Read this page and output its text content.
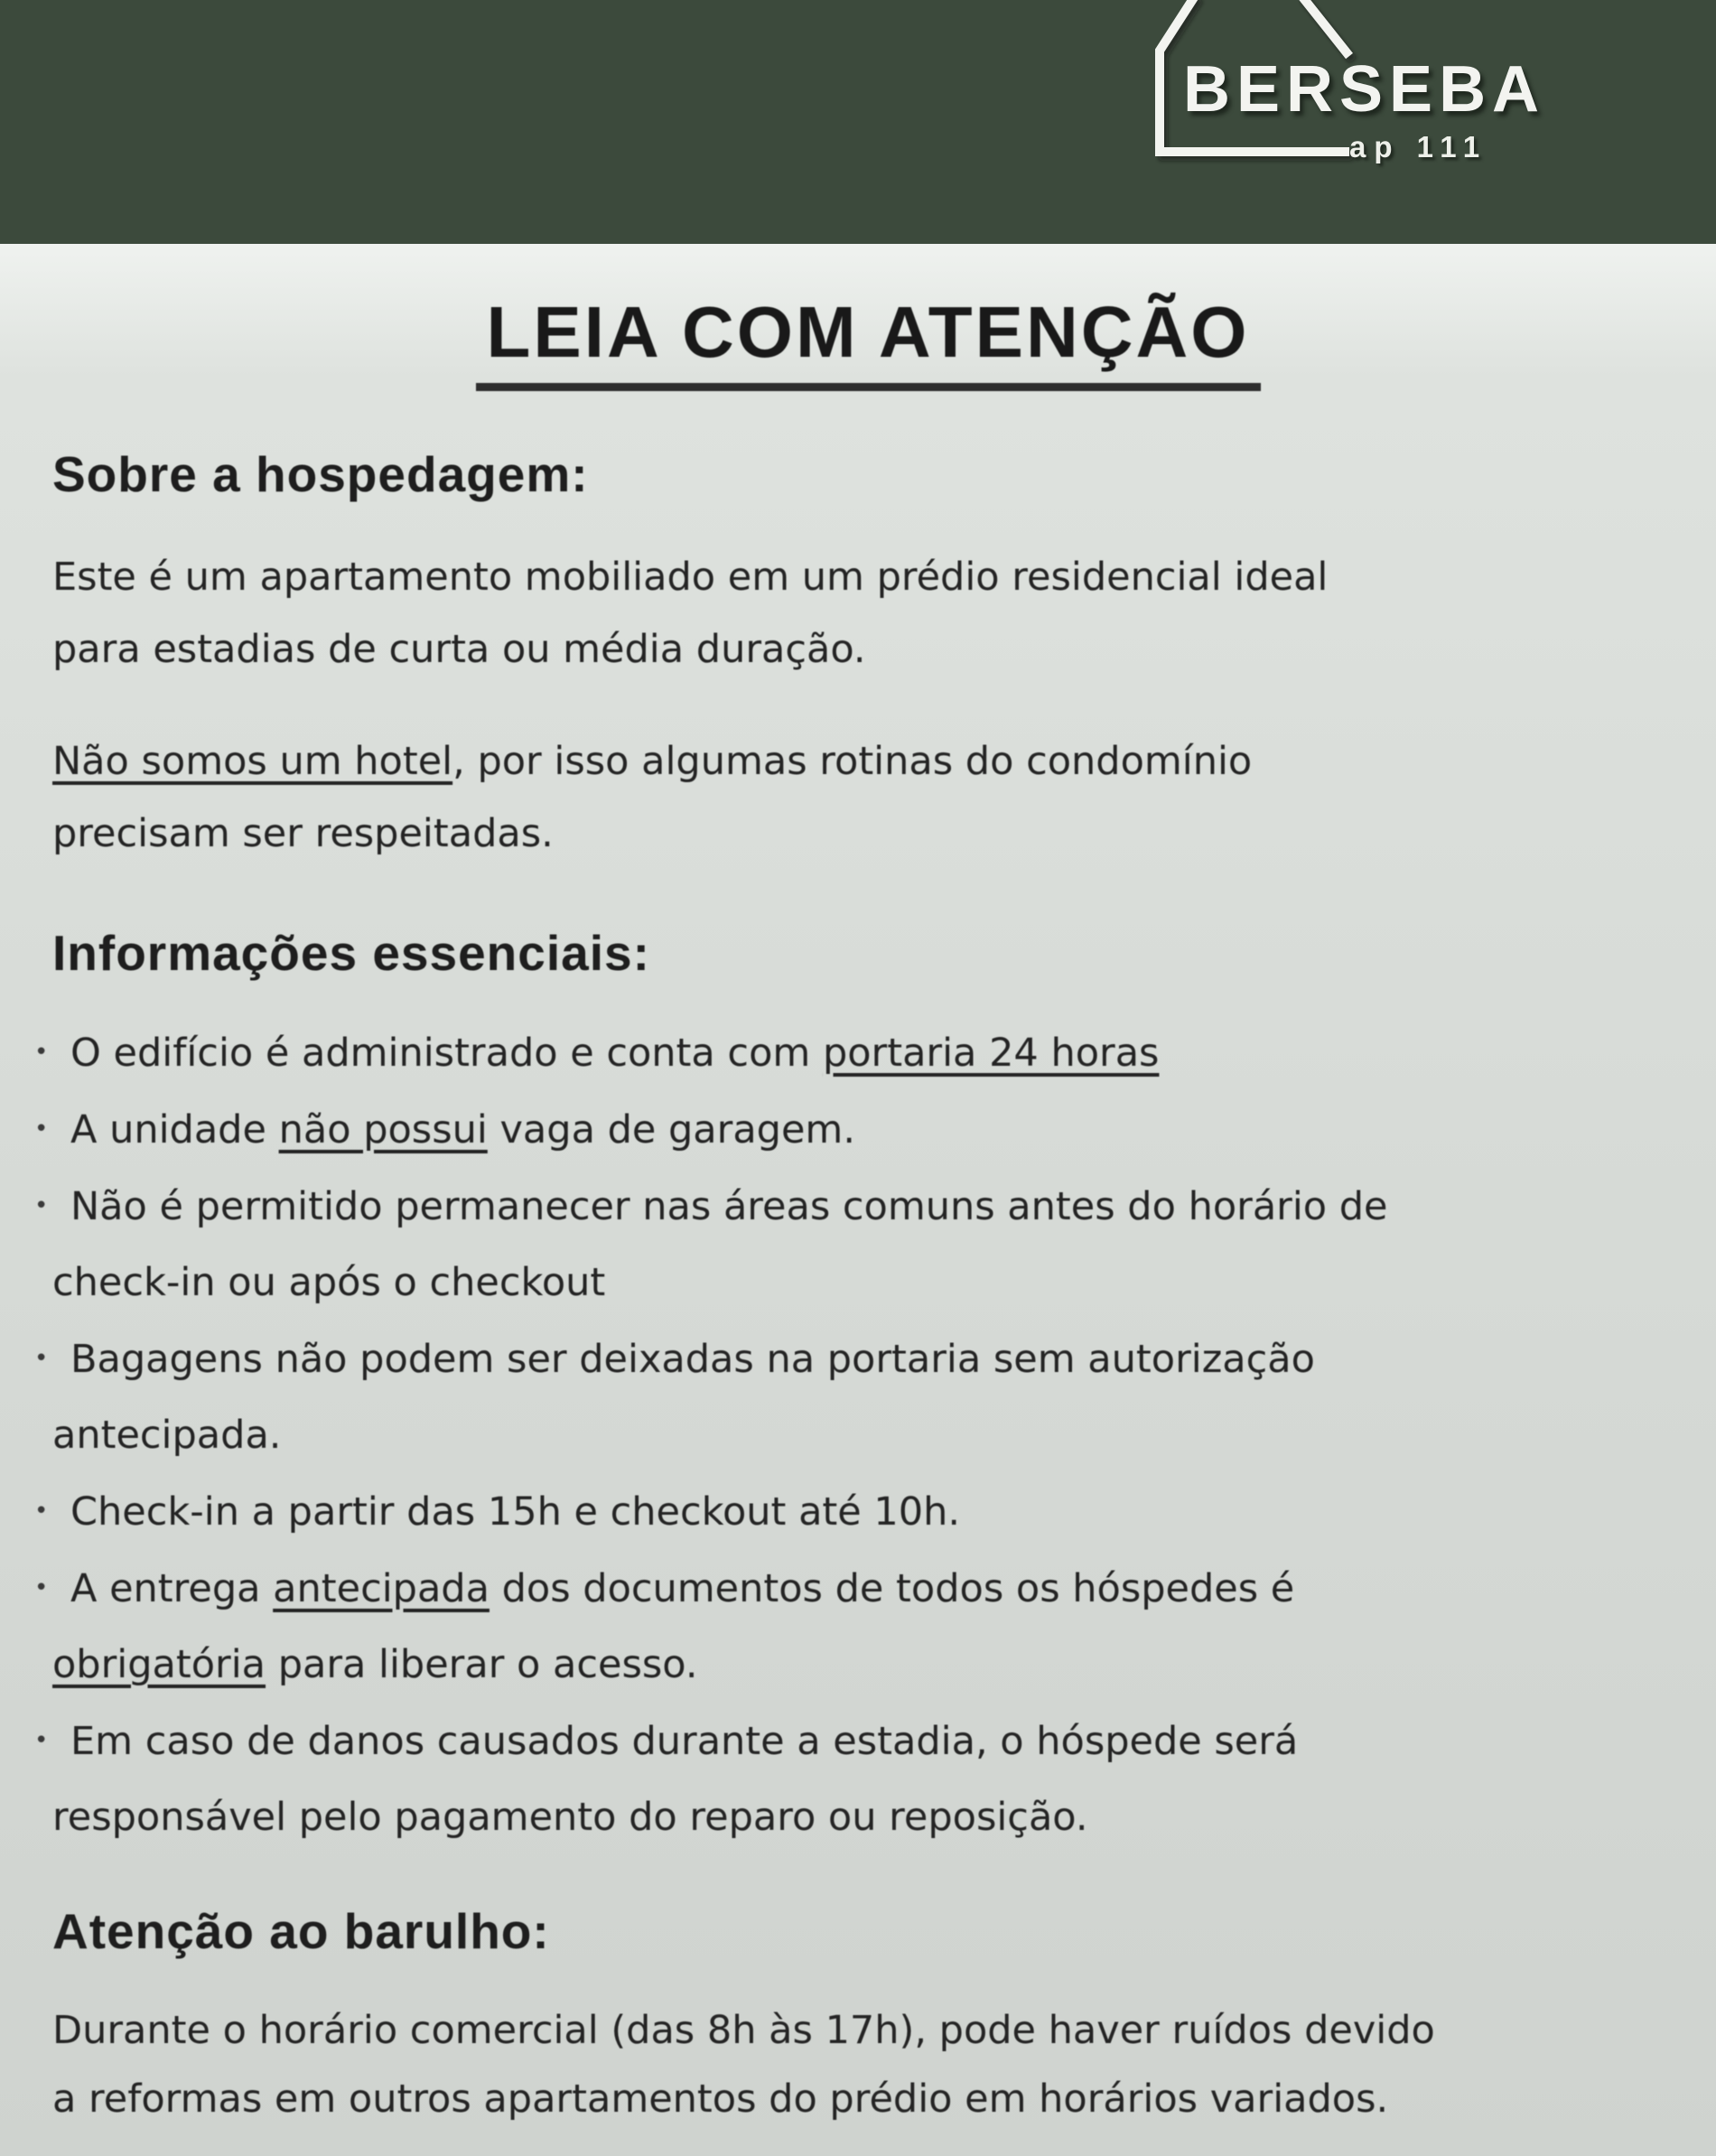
BERSEBA
ap 111
LEIA COM ATENÇÃO
Sobre a hospedagem:
Este é um apartamento mobiliado em um prédio residencial ideal
para estadias de curta ou média duração.
Não somos um hotel, por isso algumas rotinas do condomínio
precisam ser respeitadas.
Informações essenciais:
• O edifício é administrado e conta com portaria 24 horas
• A unidade não possui vaga de garagem.
• Não é permitido permanecer nas áreas comuns antes do horário de
check-in ou após o checkout
• Bagagens não podem ser deixadas na portaria sem autorização
antecipada.
• Check-in a partir das 15h e checkout até 10h.
• A entrega antecipada dos documentos de todos os hóspedes é
obrigatória para liberar o acesso.
• Em caso de danos causados durante a estadia, o hóspede será
responsável pelo pagamento do reparo ou reposição.
Atenção ao barulho:
Durante o horário comercial (das 8h às 17h), pode haver ruídos devido
a reformas em outros apartamentos do prédio em horários variados.
